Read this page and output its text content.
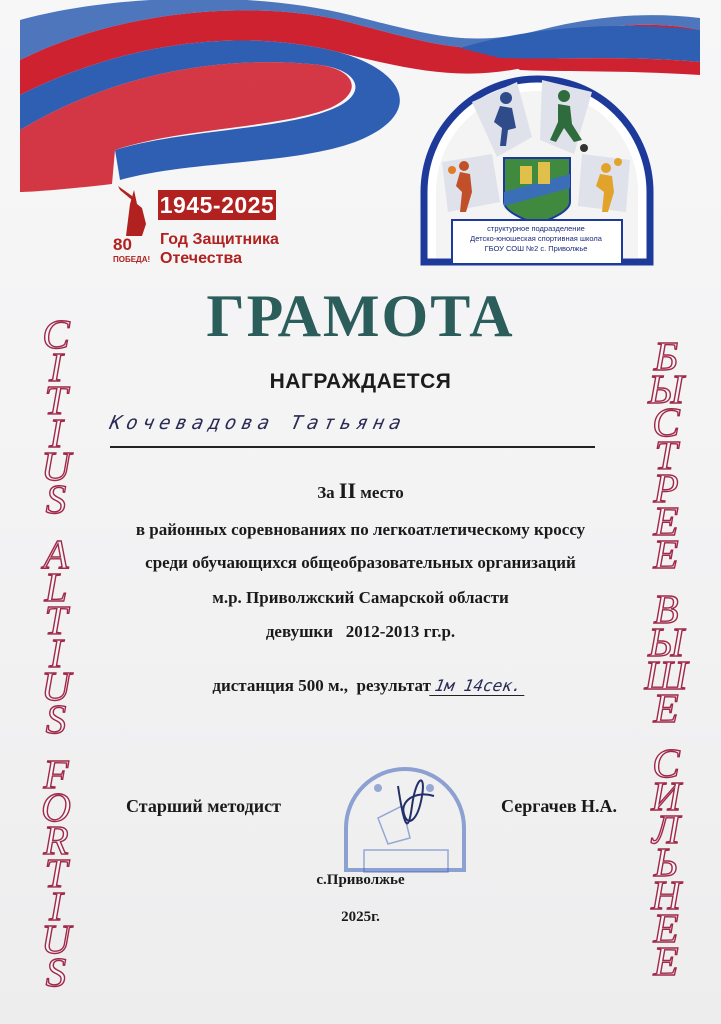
1945-2025
Год Защитника
Отечества
80
ПОБЕДА!
структурное подразделение
Детско-юношеская спортивная школа
ГБОУ СОШ №2 с. Приволжье
ГРАМОТА
НАГРАЖДАЕТСЯ
Кочевадова Татьяна
За II место
в районных соревнованиях по легкоатлетическому кроссу
среди обучающихся общеобразовательных организаций
м.р. Приволжский Самарской области
девушки   2012-2013 гг.р.

дистанция 500 м.,  результат 1м 14сек.

C
I
T
I
U
S
A
L
T
I
U
S
F
O
R
T
I
U
S
Б
Ы
С
Т
Р
Е
Е
В
Ы
Ш
Е
С
И
Л
Ь
Н
Е
Е
Старший методист	Сергачев Н.А.
с.Приволжье
2025г.
